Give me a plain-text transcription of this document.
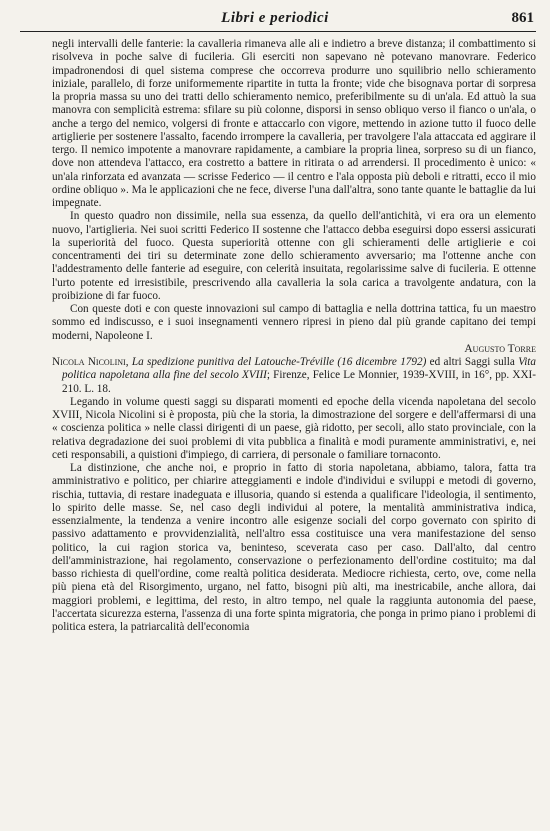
Libri e periodici	861

negli intervalli delle fanterie: la cavalleria rimaneva alle ali e indietro a breve distanza; il combattimento si risolveva in poche salve di fucileria. Gli eserciti non sapevano nè potevano manovrare. Federico impadronendosi di quel sistema comprese che occorreva produrre uno squilibrio nello schieramento iniziale, parallelo, di forze uniformemente ripartite in tutta la fronte; vide che bisognava portar di sorpresa la propria massa su uno dei tratti dello schieramento nemico, preferibilmente su di un'ala. Ed attuò la sua manovra con semplicità estrema: sfilare su più colonne, disporsi in senso obliquo verso il fianco o un'ala, o anche a tergo del nemico, volgersi di fronte e attaccarlo con vigore, mettendo in azione tutto il fuoco delle artiglierie per sostenere l'assalto, facendo irrompere la cavalleria, per travolgere l'ala attaccata ed aggirare il tergo. Il nemico impotente a manovrare rapidamente, a cambiare la propria linea, sorpreso su di un fianco, dove non attendeva l'attacco, era costretto a battere in ritirata o ad arrendersi. Il procedimento è unico: « un'ala rinforzata ed avanzata — scrisse Federico — il centro e l'ala opposta più deboli e ritratti, ecco il mio ordine obliquo ». Ma le applicazioni che ne fece, diverse l'una dall'altra, sono tante quante le battaglie da lui impegnate.

In questo quadro non dissimile, nella sua essenza, da quello dell'antichità, vi era ora un elemento nuovo, l'artiglieria. Nei suoi scritti Federico II sostenne che l'attacco debba eseguirsi dopo essersi assicurati la superiorità del fuoco. Questa superiorità ottenne con gli schieramenti delle artiglierie e coi concentramenti dei tiri su determinate zone dello schieramento avversario; ma l'ottenne anche con l'addestramento delle fanterie ad eseguire, con celerità insuitata, regolarissime salve di fucileria. E ottenne l'urto potente ed irresistibile, prescrivendo alla cavalleria la sola carica a travolgente andatura, con la proibizione di far fuoco.

Con queste doti e con queste innovazioni sul campo di battaglia e nella dottrina tattica, fu un maestro sommo ed indiscusso, e i suoi insegnamenti vennero ripresi in pieno dal più grande capitano dei tempi moderni, Napoleone I.

Augusto Torre

Nicola Nicolini, La spedizione punitiva del Latouche-Tréville (16 dicembre 1792) ed altri Saggi sulla Vita politica napoletana alla fine del secolo XVIII; Firenze, Felice Le Monnier, 1939-XVIII, in 16°, pp. XXI-210. L. 18.

Legando in volume questi saggi su disparati momenti ed epoche della vicenda napoletana del secolo XVIII, Nicola Nicolini si è proposta, più che la storia, la dimostrazione del sorgere e dell'affermarsi di una « coscienza politica » nelle classi dirigenti di un paese, già ridotto, per secoli, allo stato provinciale, con la relativa degradazione dei suoi problemi di vita pubblica a finalità e modi puramente amministrativi, e, nei ceti responsabili, a quistioni d'impiego, di carriera, di personale o familiare tornaconto.

La distinzione, che anche noi, e proprio in fatto di storia napoletana, abbiamo, talora, fatta tra amministrativo e politico, per chiarire atteggiamenti e indole d'individui e sviluppi e metodi di governo, rischia, tuttavia, di restare inadeguata e illusoria, quando si estenda a qualificare l'ideologia, il sentimento, lo spirito delle masse. Se, nel caso degli individui al potere, la mentalità amministrativa indica, essenzialmente, la tendenza a venire incontro alle esigenze sociali del corpo governato con spirito di passivo adattamento e provvidenzialità, nell'altro essa costituisce una vera manifestazione del senso politico, la cui ragion storica va, beninteso, sceverata caso per caso. Dall'alto, dal centro dell'amministrazione, hai regolamento, conservazione o perfezionamento dell'ordine costituito; ma dal basso richiesta di quell'ordine, come realtà politica desiderata. Mediocre richiesta, certo, ove, come nella più piena età del Risorgimento, urgano, nel fatto, bisogni più alti, ma inestricabile, anche allora, dai maggiori problemi, e legittima, del resto, in altro tempo, nel quale la raggiunta autonomia del paese, l'accertata sicurezza esterna, l'assenza di una forte spinta migratoria, che ponga in primo piano i problemi di politica estera, la patriarcalità dell'economia
